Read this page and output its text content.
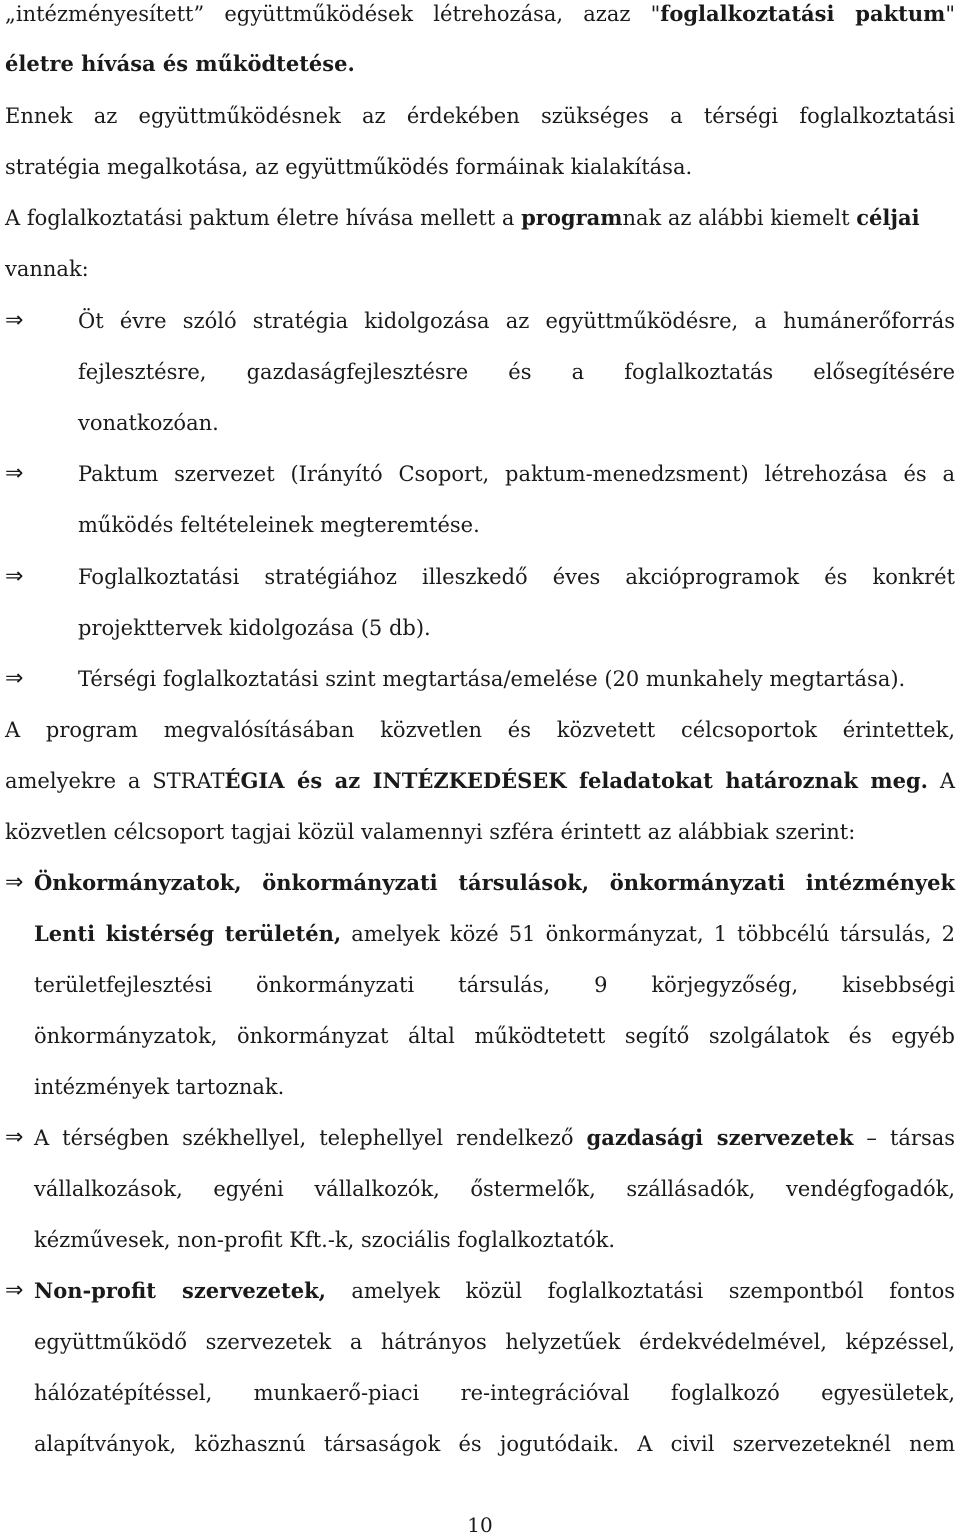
„intézményesített” együttműködések létrehozása, azaz "foglalkoztatási paktum"
életre hívása és működtetése.
Ennek az együttműködésnek az érdekében szükséges a térségi foglalkoztatási
stratégia megalkotása, az együttműködés formáinak kialakítása.
A foglalkoztatási paktum életre hívása mellett a programnak az alábbi kiemelt céljai
vannak:
⇒	Öt évre szóló stratégia kidolgozása az együttműködésre, a humánerőforrás
fejlesztésre, gazdaságfejlesztésre és a foglalkoztatás elősegítésére
vonatkozóan.
⇒	Paktum szervezet (Irányító Csoport, paktum-menedzsment) létrehozása és a
működés feltételeinek megteremtése.
⇒	Foglalkoztatási stratégiához illeszkedő éves akcióprogramok és konkrét
projekttervek kidolgozása (5 db).
⇒	Térségi foglalkoztatási szint megtartása/emelése (20 munkahely megtartása).
A program megvalósításában közvetlen és közvetett célcsoportok érintettek,
amelyekre a STRATÉGIA és az INTÉZKEDÉSEK feladatokat határoznak meg. A
közvetlen célcsoport tagjai közül valamennyi szféra érintett az alábbiak szerint:
⇒ Önkormányzatok, önkormányzati társulások, önkormányzati intézmények
Lenti kistérség területén, amelyek közé 51 önkormányzat, 1 többcélú társulás, 2
területfejlesztési önkormányzati társulás, 9 körjegyzőség, kisebbségi
önkormányzatok, önkormányzat által működtetett segítő szolgálatok és egyéb
intézmények tartoznak.
⇒ A térségben székhellyel, telephellyel rendelkező gazdasági szervezetek – társas
vállalkozások, egyéni vállalkozók, őstermelők, szállásadók, vendégfogadók,
kézművesek, non-profit Kft.-k, szociális foglalkoztatók.
⇒ Non-profit szervezetek, amelyek közül foglalkoztatási szempontból fontos
együttműködő szervezetek a hátrányos helyzetűek érdekvédelmével, képzéssel,
hálózatépítéssel, munkaerő-piaci re-integrációval foglalkozó egyesületek,
alapítványok, közhasznú társaságok és jogutódaik. A civil szervezeteknél nem
10
